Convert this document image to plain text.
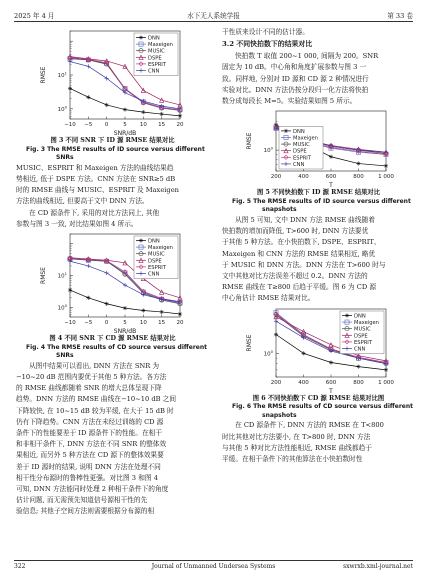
2025 年 4 月	水下无人系统学报	第 33 卷
$10^0$
$10^1$
−10 −5 0	5 10 15 20
SNR/dB
RMSE
DNN
Maxeigen
MUSIC
DSPE
ESPRIT
CNN
图 3 不同 SNR 下 ID 源 RMSE 结果对比
Fig. 3 The RMSE results of ID source versus different
SNRs

MUSIC、ESPRIT 和 Maxeigen 方法的曲线结果趋

势相近, 低于 DSPE 方法。CNN 方法在 SNR≥5 dB

时的 RMSE 曲线与 MUSIC、ESPRIT 及 Maxeigen

方法的曲线相近, 但要高于文中 DNN 方法。

在 CD 源条件下, 采用的对比方法同上, 其他

参数与图 3 一致, 对比结果如图 4 所示。

$10^0$
$10^1$
−10 −5 0	5 10 15 20
SNR/dB
RMSE
DNN
Maxeigen
MUSIC
DSPE
ESPRIT
CNN
图 4 不同 SNR 下 CD 源 RMSE 结果对比
Fig. 4 The RMSE results of CD source versus different
SNRs

从图中结果可以看出, DNN 方法在 SNR 为

−10~20 dB 范围内要优于其他 5 种方法。各方法

的 RMSE 曲线都随着 SNR 的增大总体呈现下降

趋势。DNN 方法的 RMSE 曲线在−10~10 dB 之间

下降较快, 在 10~15 dB 较为平缓, 在大于 15 dB 时

仍有下降趋势。CNN 方法在未经过训练的 CD 源

条件下的性能要差于 ID 源条件下的性能。在相干

和非相干条件下, DNN 方法在不同 SNR 的整体效

果相近, 而另外 5 种方法在 CD 源下的整体效果要

差于 ID 源时的结果, 说明 DNN 方法在处理不同

相干性分布源时的鲁棒性更强。对比图 3 和图 4

可知, DNN 方法能同时处理 2 种相干条件下的角度

估计问题, 而无需预先知道信号源相干性的先

验信息; 其他子空间方法则需要根据分布源的相

干性质来设计不同的估计器。

3.2 不同快拍数下的结果对比

快拍数 T 取值 200~1 000, 间隔为 200。SNR

固定为 10 dB。中心角和角度扩展参数与图 3 一

致。同样地, 分别对 ID 源和 CD 源 2 种情况进行

实验对比。DNN 方法仍按分段归一化方法将快拍

数分成每段长 M=5。实验结果如图 5 所示。

$10^0$
200	400	600	800	1 000
T
RMSE
DNN
Maxeigen
MUSIC
DSPE
ESPRIT
CNN
图 5 不同快拍数下 ID 源 RMSE 结果对比
Fig. 5 The RMSE results of ID source versus different
snapshots

从图 5 可知, 文中 DNN 方法 RMSE 曲线随着

快拍数的增加而降低, T>600 时, DNN 方法要优

于其他 5 种方法。在小快拍数下, DSPE、ESPRIT、

Maxeigen 和 CNN 方法的 RMSE 结果相近, 略优

于 MUSIC 和 DNN 方法。DNN 方法在 T>600 时与

文中其他对比方法误差不超过 0.2。DNN 方法的

RMSE 曲线在 T≥800 后趋于平缓。图 6 为 CD 源

中心角估计 RMSE 结果对比。

$10^0$
200	400	600	800	1 000
T
RMSE
DNN
Maxeigen
MUSIC
DSPE
ESPRIT
CNN
图 6 不同快拍数下 CD 源 RMSE 结果对比图
Fig. 6 The RMSE results of CD source versus different
snapshots

在 CD 源条件下, DNN 方法的 RMSE 在 T<800

时比其他对比方法要小, 在 T>800 时, DNN 方法

与其他 5 种对比方法性能相近, RMSE 曲线都趋于

平缓。在相干条件下的其他算法在小快拍数时性

322	Journal of Unmanned Undersea Systems	sxwrxb.xml-journal.net
